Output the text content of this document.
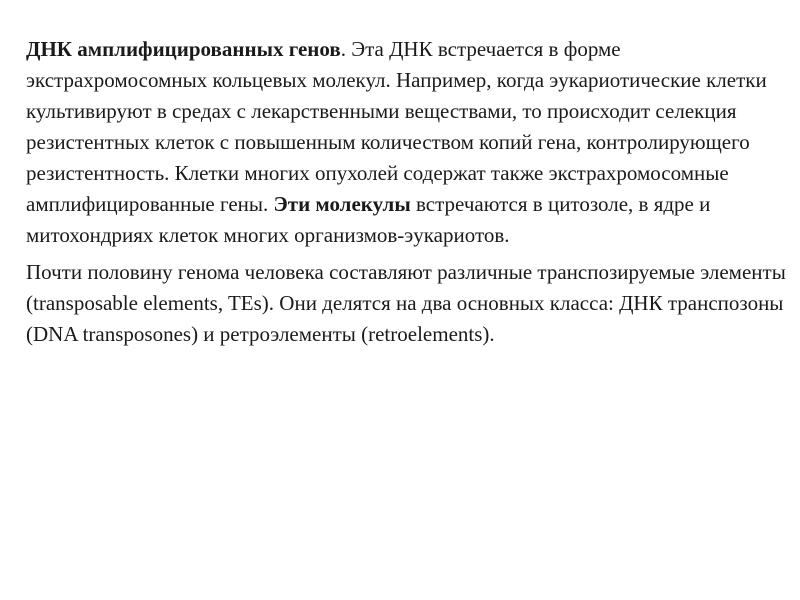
ДНК амплифицированных генов. Эта ДНК встречается в форме экстрахромосомных кольцевых молекул. Например, когда эукариотические клетки культивируют в средах с лекарственными веществами, то происходит селекция резистентных клеток с повышенным количеством копий гена, контролирующего резистентность. Клетки многих опухолей содержат также экстрахромосомные амплифицированные гены. Эти молекулы встречаются в цитозоле, в ядре и митохондриях клеток многих организмов-эукариотов.

Почти половину генома человека составляют различные транспозируемые элементы (transposable elements, TEs). Они делятся на два основных класса: ДНК транспозоны (DNA transposones) и ретроэлементы (retroelements).
